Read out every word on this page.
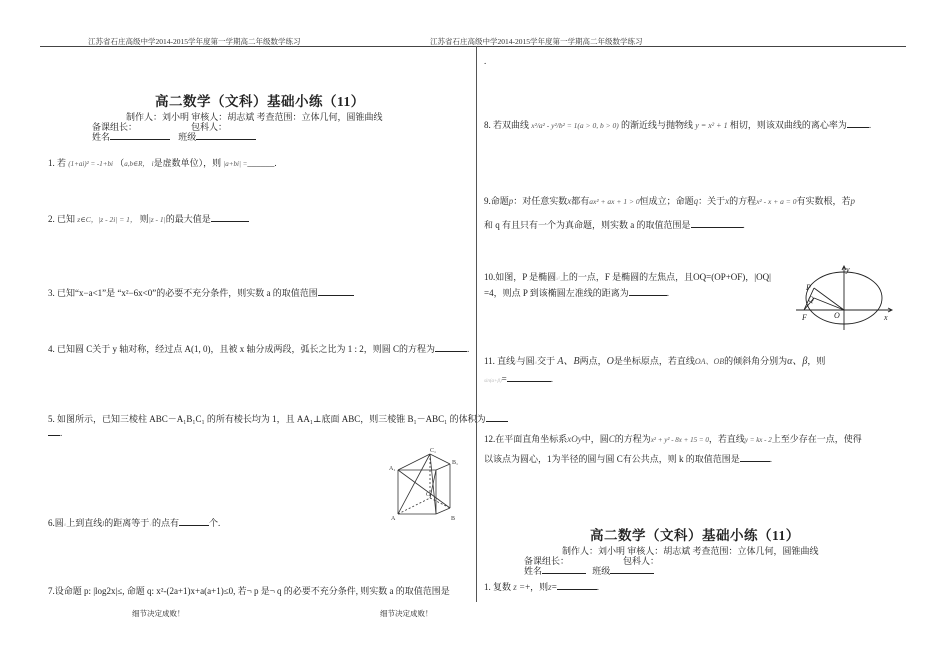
江苏省石庄高级中学2014-2015学年度第一学期高二年级数学练习	江苏省石庄高级中学2014-2015学年度第一学期高二年级数学练习
高二数学（文科）基础小练（11）
制作人：刘小明 审核人：胡志斌 考查范围：立体几何，圆锥曲线
备课组长：                        包科人：
姓名	班级
1. 若 (1+ai)² = -1+bi （a,b∈R， i是虚数单位），则 |a+bi| =______.
2. 已知 z∈C，|z - 2i| = 1， 则|z - 1|的最大值是
3. 已知“x−a<1”是 “x²−6x<0”的必要不充分条件，则实数 a 的取值范围
4. 已知圆 C关于 y 轴对称，经过点 A(1, 0)，且被 x 轴分成两段，弧长之比为 1 : 2，则圆 C的方程为	.
5. 如图所示，已知三棱柱 ABC－A₁B₁C₁ 的所有棱长均为 1，且 AA₁⊥底面 ABC，则三棱锥 B₁－ABC₁ 的体积为
.
A₁
C₁
B₁
A
C
B
6.圆o上到直线l的距离等于√的点有	个.
7.设命题 p: |log2x|≤, 命题 q: x²-(2a+1)x+a(a+1)≤0, 若¬ p 是¬ q 的必要不充分条件, 则实数 a 的取值范围是
细节决定成败！	细节决定成败！
.
8. 若双曲线 x²/a² - y²/b² = 1(a > 0, b > 0) 的渐近线与抛物线 y = x² + 1 相切，则该双曲线的离心率为 .
9.命题p：对任意实数x都有ax² + ax + 1 > 0恒成立；命题q：关于x的方程x² - x + a = 0有实数根，若p
和 q 有且只有一个为真命题，则实数 a 的取值范围是	.
10.如图，P 是椭圆x²上的一点，F 是椭圆的左焦点，且OQ=(OP+OF)，|OQ|
=4，则点 P 到该椭圆左准线的距离为	.
y
P
Q
F	O	x
11. 直线l与圆o交于 A、B两点，O是坐标原点，若直线OA、OB的倾斜角分别为α、β，则
sin(α+β)=	.
12.在平面直角坐标系xOy中，圆C的方程为x² + y² - 8x + 15 = 0，若直线y = kx - 2上至少存在一点，使得
以该点为圆心，1为半径的圆与圆 C有公共点，则 k 的取值范围是	.
高二数学（文科）基础小练（11）
制作人：刘小明 审核人：胡志斌 考查范围：立体几何，圆锥曲线
备课组长：                        包科人：
姓名	班级
1. 复数 z =+，则z=	.
